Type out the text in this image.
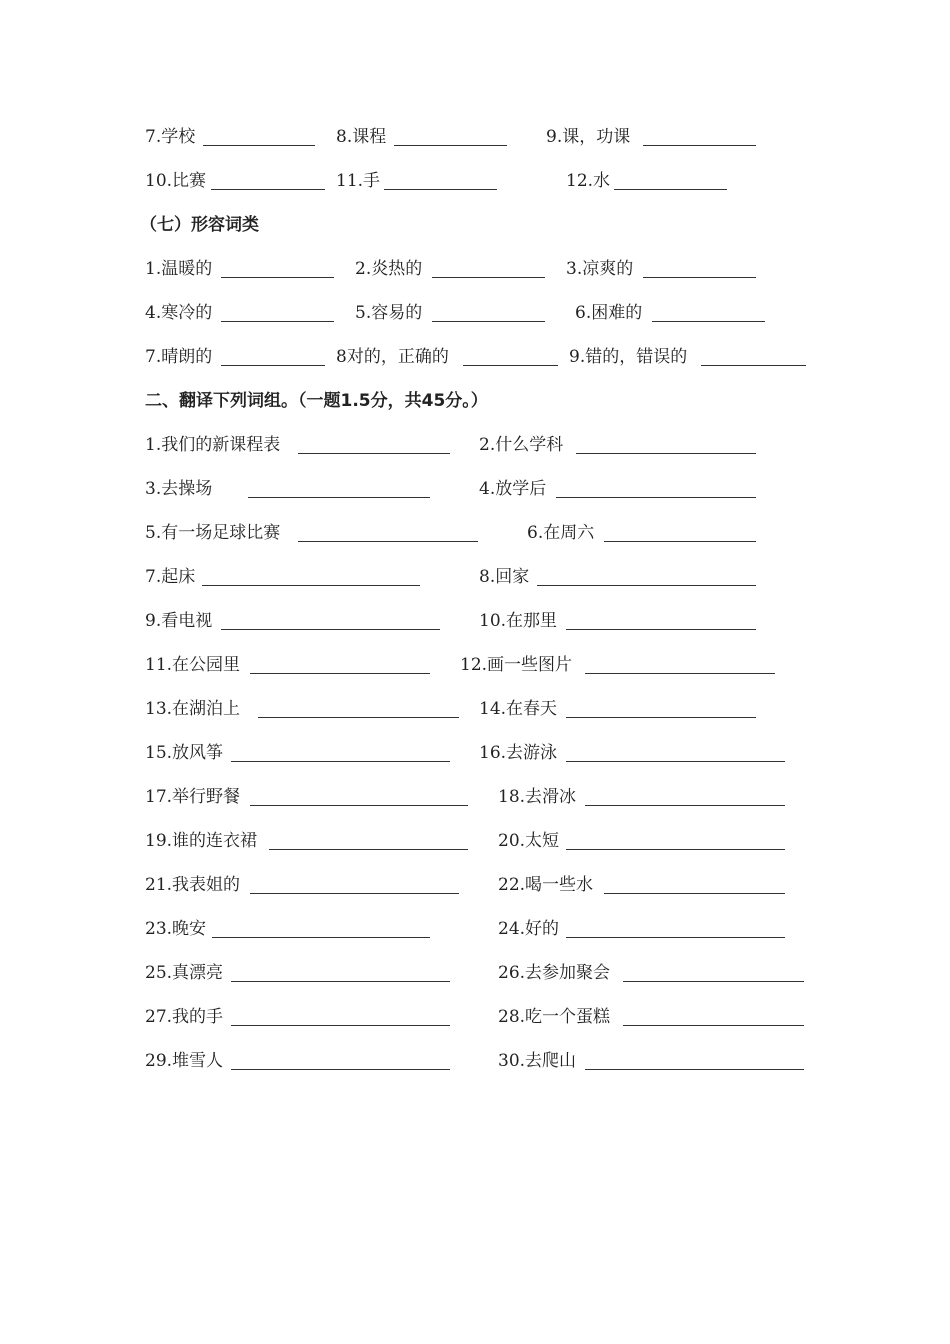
7.学校	8.课程	9.课，功课
10.比赛	11.手	12.水
（七）形容词类
1.温暖的	2.炎热的	3.凉爽的
4.寒冷的	5.容易的	6.困难的
7.晴朗的	8对的，正确的	9.错的，错误的
二、翻译下列词组。（一题1.5分，共45分。）
1.我们的新课程表	2.什么学科
3.去操场	4.放学后
5.有一场足球比赛	6.在周六
7.起床	8.回家
9.看电视	10.在那里
11.在公园里	12.画一些图片
13.在湖泊上	14.在春天
15.放风筝	16.去游泳
17.举行野餐	18.去滑冰
19.谁的连衣裙	20.太短
21.我表姐的	22.喝一些水
23.晚安	24.好的
25.真漂亮	26.去参加聚会
27.我的手	28.吃一个蛋糕
29.堆雪人	30.去爬山
